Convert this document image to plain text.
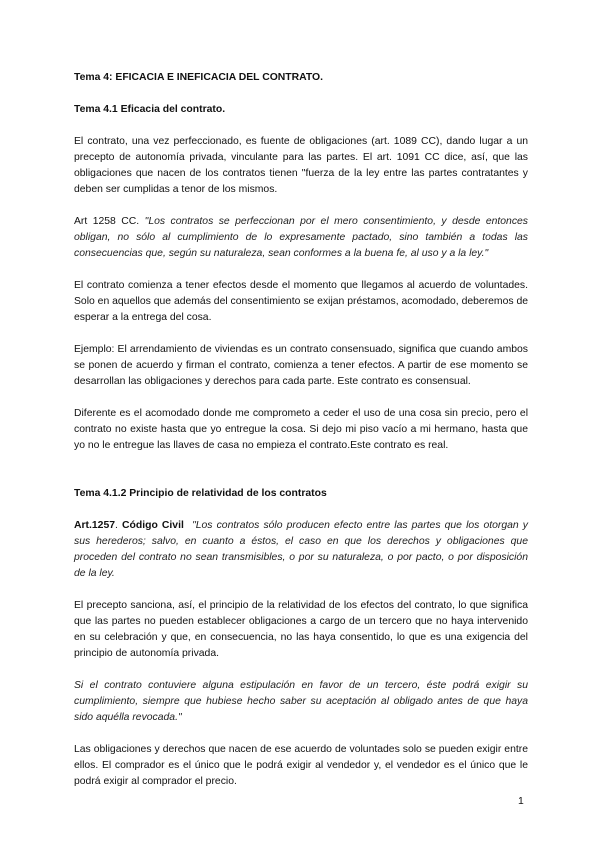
Tema 4: EFICACIA E INEFICACIA DEL CONTRATO.

Tema 4.1 Eficacia del contrato.

El contrato, una vez perfeccionado, es fuente de obligaciones (art. 1089 CC), dando lugar a un precepto de autonomía privada, vinculante para las partes. El art. 1091 CC dice, así, que las obligaciones que nacen de los contratos tienen "fuerza de la ley entre las partes contratantes y deben ser cumplidas a tenor de los mismos.

Art 1258 CC. "Los contratos se perfeccionan por el mero consentimiento, y desde entonces obligan, no sólo al cumplimiento de lo expresamente pactado, sino también a todas las consecuencias que, según su naturaleza, sean conformes a la buena fe, al uso y a la ley."

El contrato comienza a tener efectos desde el momento que llegamos al acuerdo de voluntades. Solo en aquellos que además del consentimiento se exijan préstamos, acomodado, deberemos de esperar a la entrega del cosa.

Ejemplo: El arrendamiento de viviendas es un contrato consensuado, significa que cuando ambos se ponen de acuerdo y firman el contrato, comienza a tener efectos. A partir de ese momento se desarrollan las obligaciones y derechos para cada parte. Este contrato es consensual.

Diferente es el acomodado donde me comprometo a ceder el uso de una cosa sin precio, pero el contrato no existe hasta que yo entregue la cosa. Si dejo mi piso vacío a mi hermano, hasta que yo no le entregue las llaves de casa no empieza el contrato.Este contrato es real.

Tema 4.1.2 Principio de relatividad de los contratos

Art.1257. Código Civil "Los contratos sólo producen efecto entre las partes que los otorgan y sus herederos; salvo, en cuanto a éstos, el caso en que los derechos y obligaciones que proceden del contrato no sean transmisibles, o por su naturaleza, o por pacto, o por disposición de la ley.

El precepto sanciona, así, el principio de la relatividad de los efectos del contrato, lo que significa que las partes no pueden establecer obligaciones a cargo de un tercero que no haya intervenido en su celebración y que, en consecuencia, no las haya consentido, lo que es una exigencia del principio de autonomía privada.

Si el contrato contuviere alguna estipulación en favor de un tercero, éste podrá exigir su cumplimiento, siempre que hubiese hecho saber su aceptación al obligado antes de que haya sido aquélla revocada."

Las obligaciones y derechos que nacen de ese acuerdo de voluntades solo se pueden exigir entre ellos. El comprador es el único que le podrá exigir al vendedor y, el vendedor es el único que le podrá exigir al comprador el precio.

1
